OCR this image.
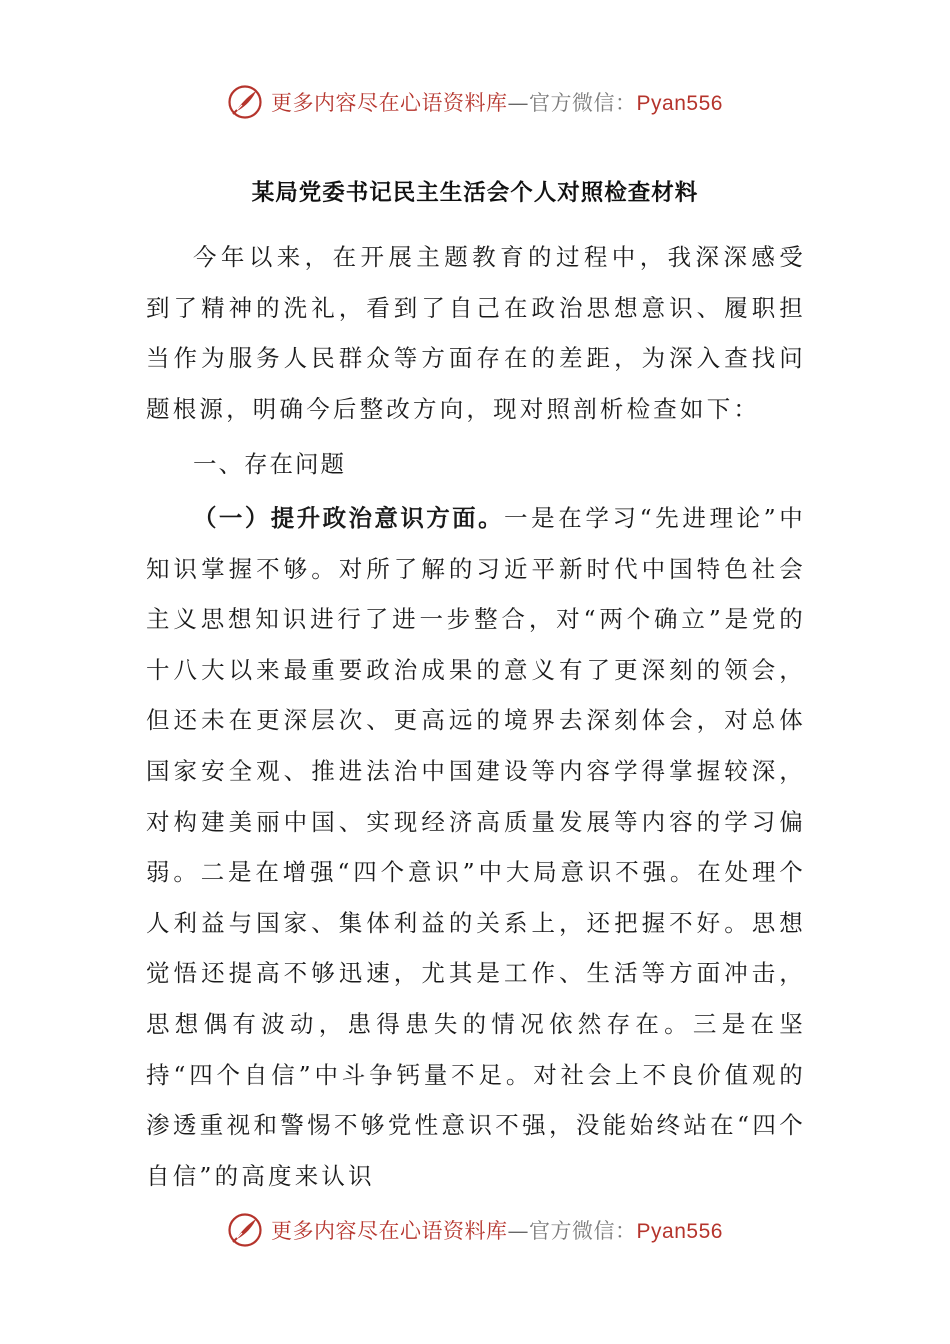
更多内容尽在心语资料库—官方微信：Pyan556
某局党委书记民主生活会个人对照检查材料

今年以来，在开展主题教育的过程中，我深深感受到了精神的洗礼，看到了自己在政治思想意识、履职担当作为服务人民群众等方面存在的差距，为深入查找问题根源，明确今后整改方向，现对照剖析检查如下：

一、存在问题

（一）提升政治意识方面。一是在学习“先进理论”中知识掌握不够。对所了解的习近平新时代中国特色社会主义思想知识进行了进一步整合，对“两个确立”是党的十八大以来最重要政治成果的意义有了更深刻的领会，但还未在更深层次、更高远的境界去深刻体会，对总体国家安全观、推进法治中国建设等内容学得掌握较深，对构建美丽中国、实现经济高质量发展等内容的学习偏弱。二是在增强“四个意识”中大局意识不强。在处理个人利益与国家、集体利益的关系上，还把握不好。思想觉悟还提高不够迅速，尤其是工作、生活等方面冲击，思想偶有波动，患得患失的情况依然存在。三是在坚持“四个自信”中斗争钙量不足。对社会上不良价值观的渗透重视和警惕不够党性意识不强，没能始终站在“四个自信”的高度来认识

更多内容尽在心语资料库—官方微信：Pyan556
